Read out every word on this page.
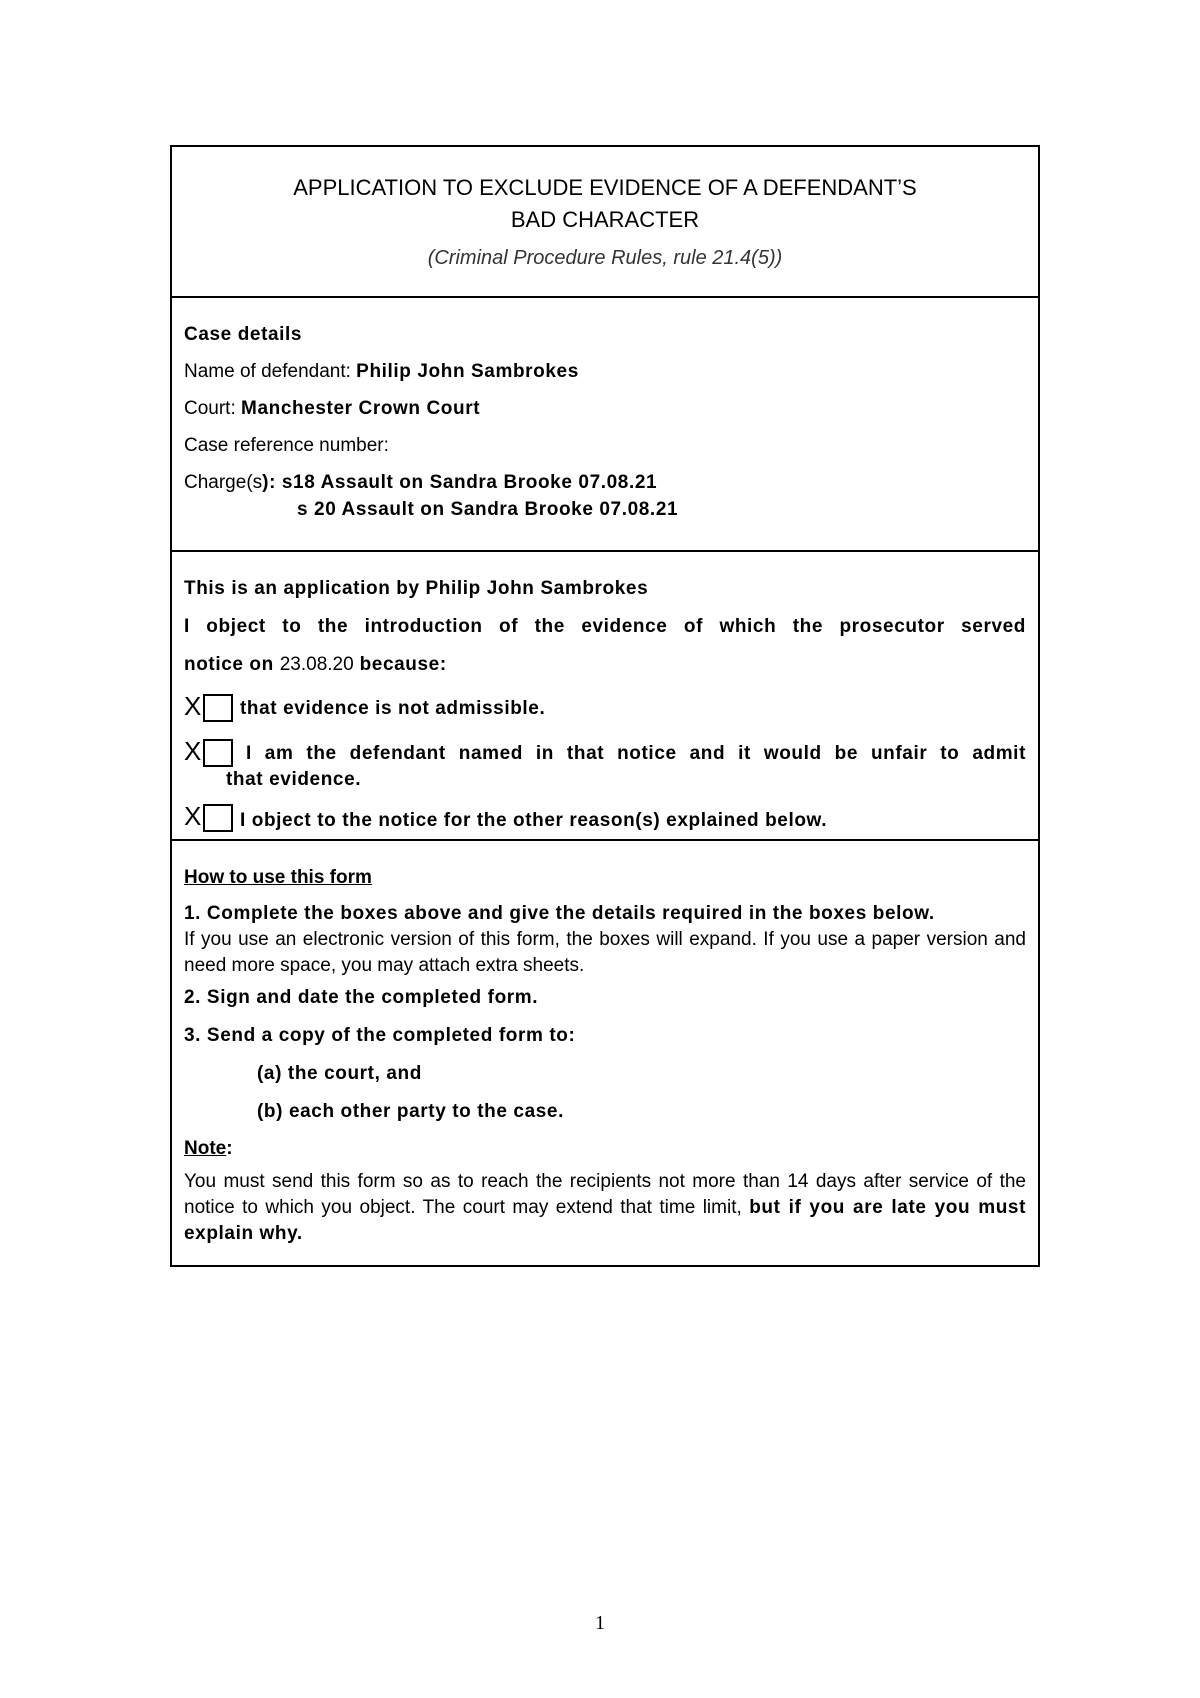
APPLICATION TO EXCLUDE EVIDENCE OF A DEFENDANT’S
BAD CHARACTER
(Criminal Procedure Rules, rule 21.4(5))
Case details
Name of defendant: Philip John Sambrokes
Court: Manchester Crown Court
Case reference number:
Charge(s): s18 Assault on Sandra Brooke 07.08.21
s 20 Assault on Sandra Brooke 07.08.21
This is an application by Philip John Sambrokes
I object to the introduction of the evidence of which the prosecutor served
notice on 23.08.20 because:
X that evidence is not admissible.
X I am the defendant named in that notice and it would be unfair to admit
that evidence.
X I object to the notice for the other reason(s) explained below.
How to use this form
1. Complete the boxes above and give the details required in the boxes below.
If you use an electronic version of this form, the boxes will expand. If you use a paper version and need more space, you may attach extra sheets.
2. Sign and date the completed form.
3. Send a copy of the completed form to:
(a) the court, and
(b) each other party to the case.
Note:
You must send this form so as to reach the recipients not more than 14 days after service of the notice to which you object. The court may extend that time limit, but if you are late you must explain why.
1
